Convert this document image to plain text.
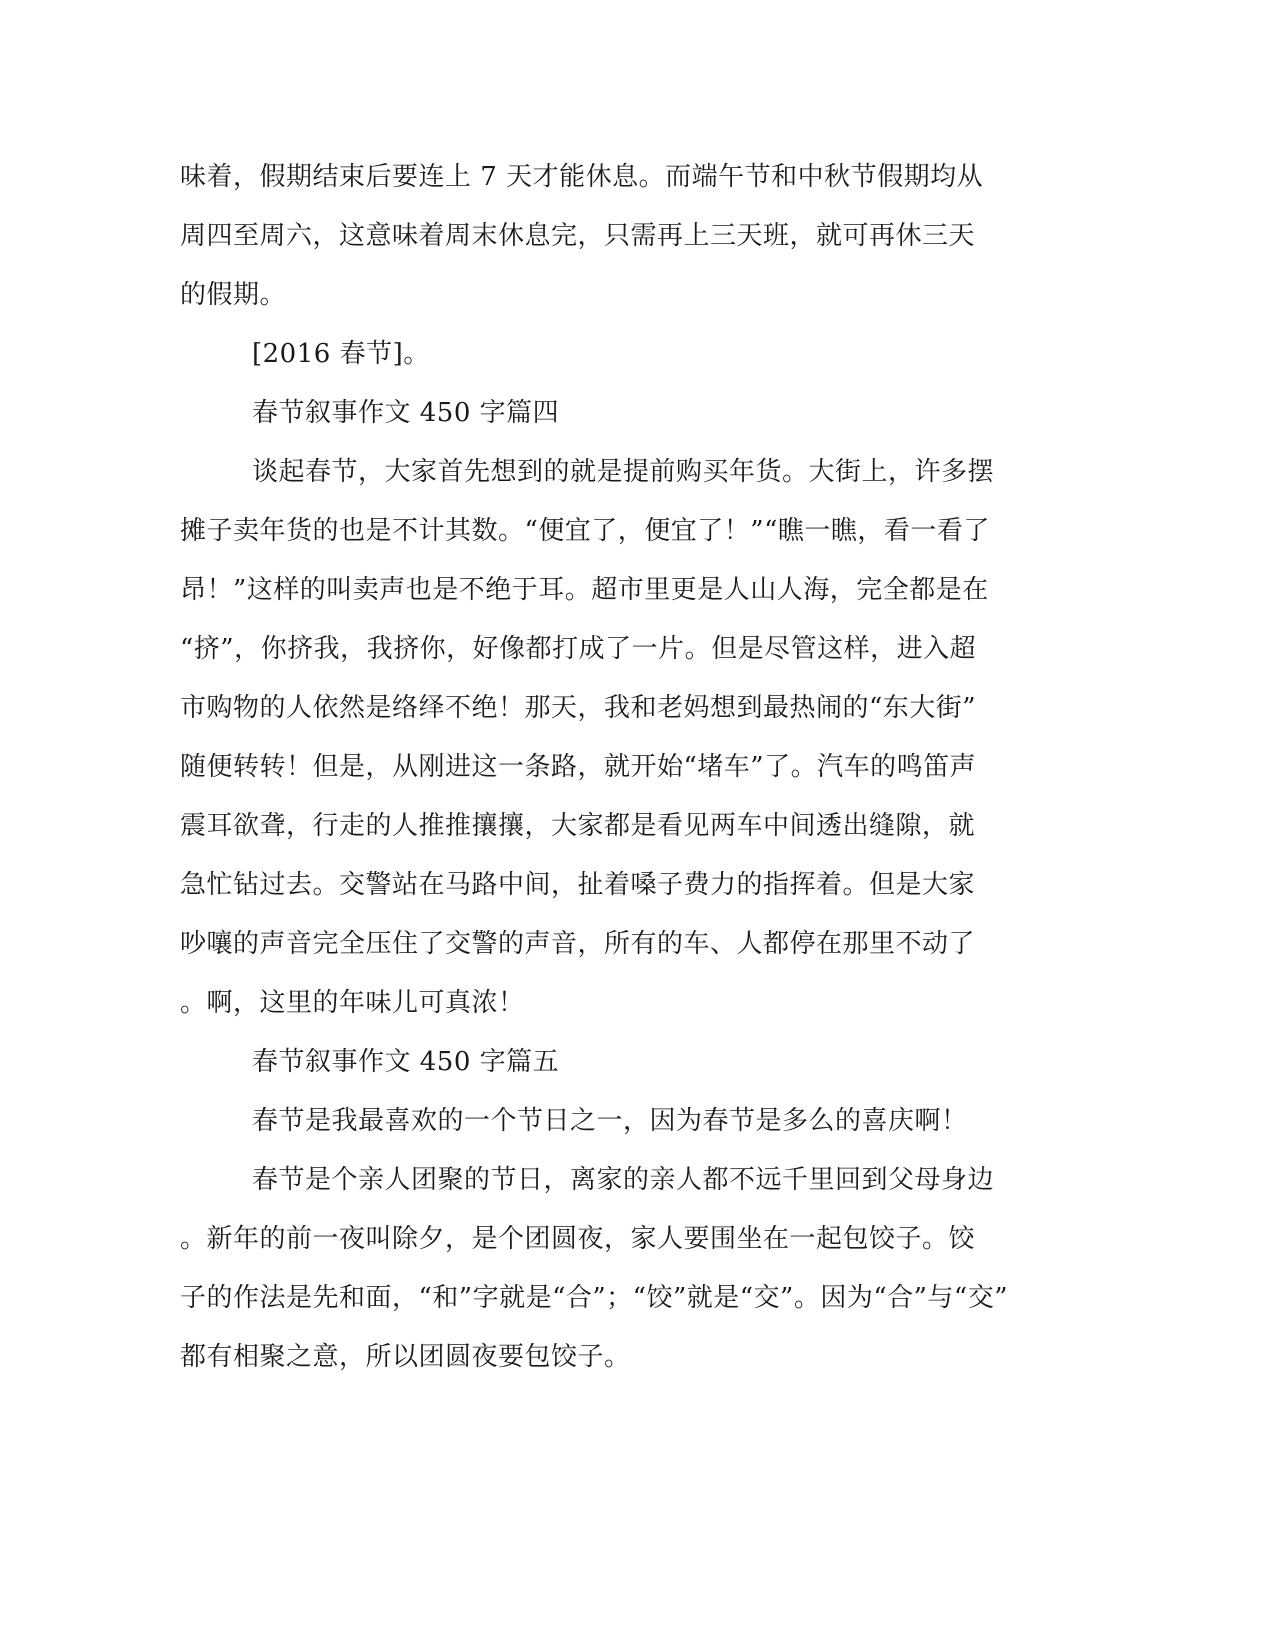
味着，假期结束后要连上 7 天才能休息。而端午节和中秋节假期均从
周四至周六，这意味着周末休息完，只需再上三天班，就可再休三天
的假期。
[2016 春节]。
春节叙事作文 450 字篇四
谈起春节，大家首先想到的就是提前购买年货。大街上，许多摆
摊子卖年货的也是不计其数。“便宜了，便宜了！”“瞧一瞧，看一看了
昂！”这样的叫卖声也是不绝于耳。超市里更是人山人海，完全都是在
“挤”，你挤我，我挤你，好像都打成了一片。但是尽管这样，进入超
市购物的人依然是络绎不绝！那天，我和老妈想到最热闹的“东大街”
随便转转！但是，从刚进这一条路，就开始“堵车”了。汽车的鸣笛声
震耳欲聋，行走的人推推攘攘，大家都是看见两车中间透出缝隙，就
急忙钻过去。交警站在马路中间，扯着嗓子费力的指挥着。但是大家
吵嚷的声音完全压住了交警的声音，所有的车、人都停在那里不动了
。啊，这里的年味儿可真浓！
春节叙事作文 450 字篇五
春节是我最喜欢的一个节日之一，因为春节是多么的喜庆啊！
春节是个亲人团聚的节日，离家的亲人都不远千里回到父母身边
。新年的前一夜叫除夕，是个团圆夜，家人要围坐在一起包饺子。饺
子的作法是先和面，“和”字就是“合”；“饺”就是“交”。因为“合”与“交”
都有相聚之意，所以团圆夜要包饺子。
